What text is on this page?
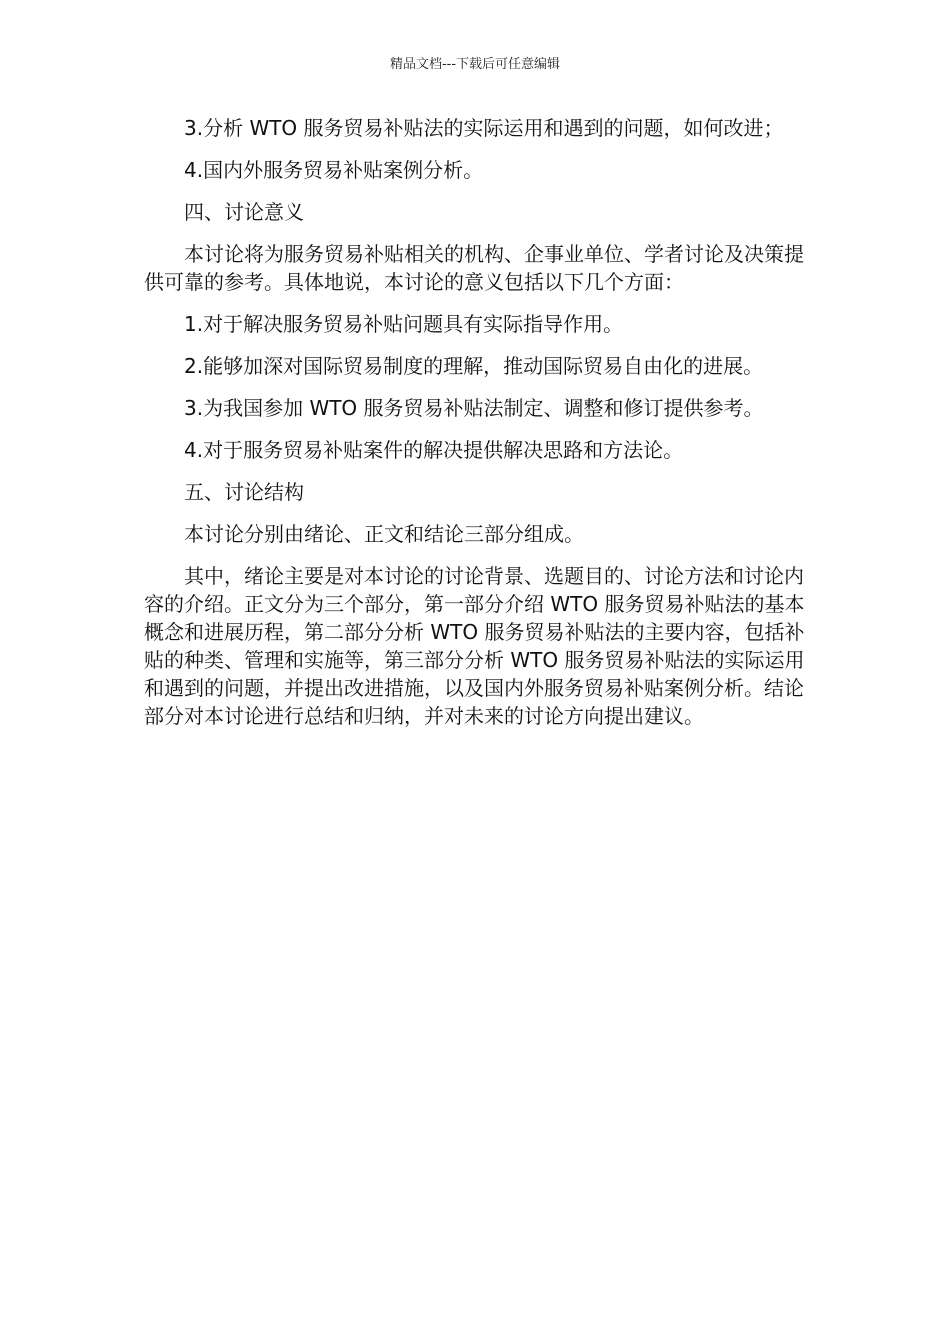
精品文档---下载后可任意编辑

3.分析 WTO 服务贸易补贴法的实际运用和遇到的问题，如何改进；

4.国内外服务贸易补贴案例分析。

四、讨论意义

本讨论将为服务贸易补贴相关的机构、企事业单位、学者讨论及决策提供可靠的参考。具体地说，本讨论的意义包括以下几个方面：

1.对于解决服务贸易补贴问题具有实际指导作用。

2.能够加深对国际贸易制度的理解，推动国际贸易自由化的进展。

3.为我国参加 WTO 服务贸易补贴法制定、调整和修订提供参考。

4.对于服务贸易补贴案件的解决提供解决思路和方法论。

五、讨论结构

本讨论分别由绪论、正文和结论三部分组成。

其中，绪论主要是对本讨论的讨论背景、选题目的、讨论方法和讨论内容的介绍。正文分为三个部分，第一部分介绍 WTO 服务贸易补贴法的基本概念和进展历程，第二部分分析 WTO 服务贸易补贴法的主要内容，包括补贴的种类、管理和实施等，第三部分分析 WTO 服务贸易补贴法的实际运用和遇到的问题，并提出改进措施，以及国内外服务贸易补贴案例分析。结论部分对本讨论进行总结和归纳，并对未来的讨论方向提出建议。
